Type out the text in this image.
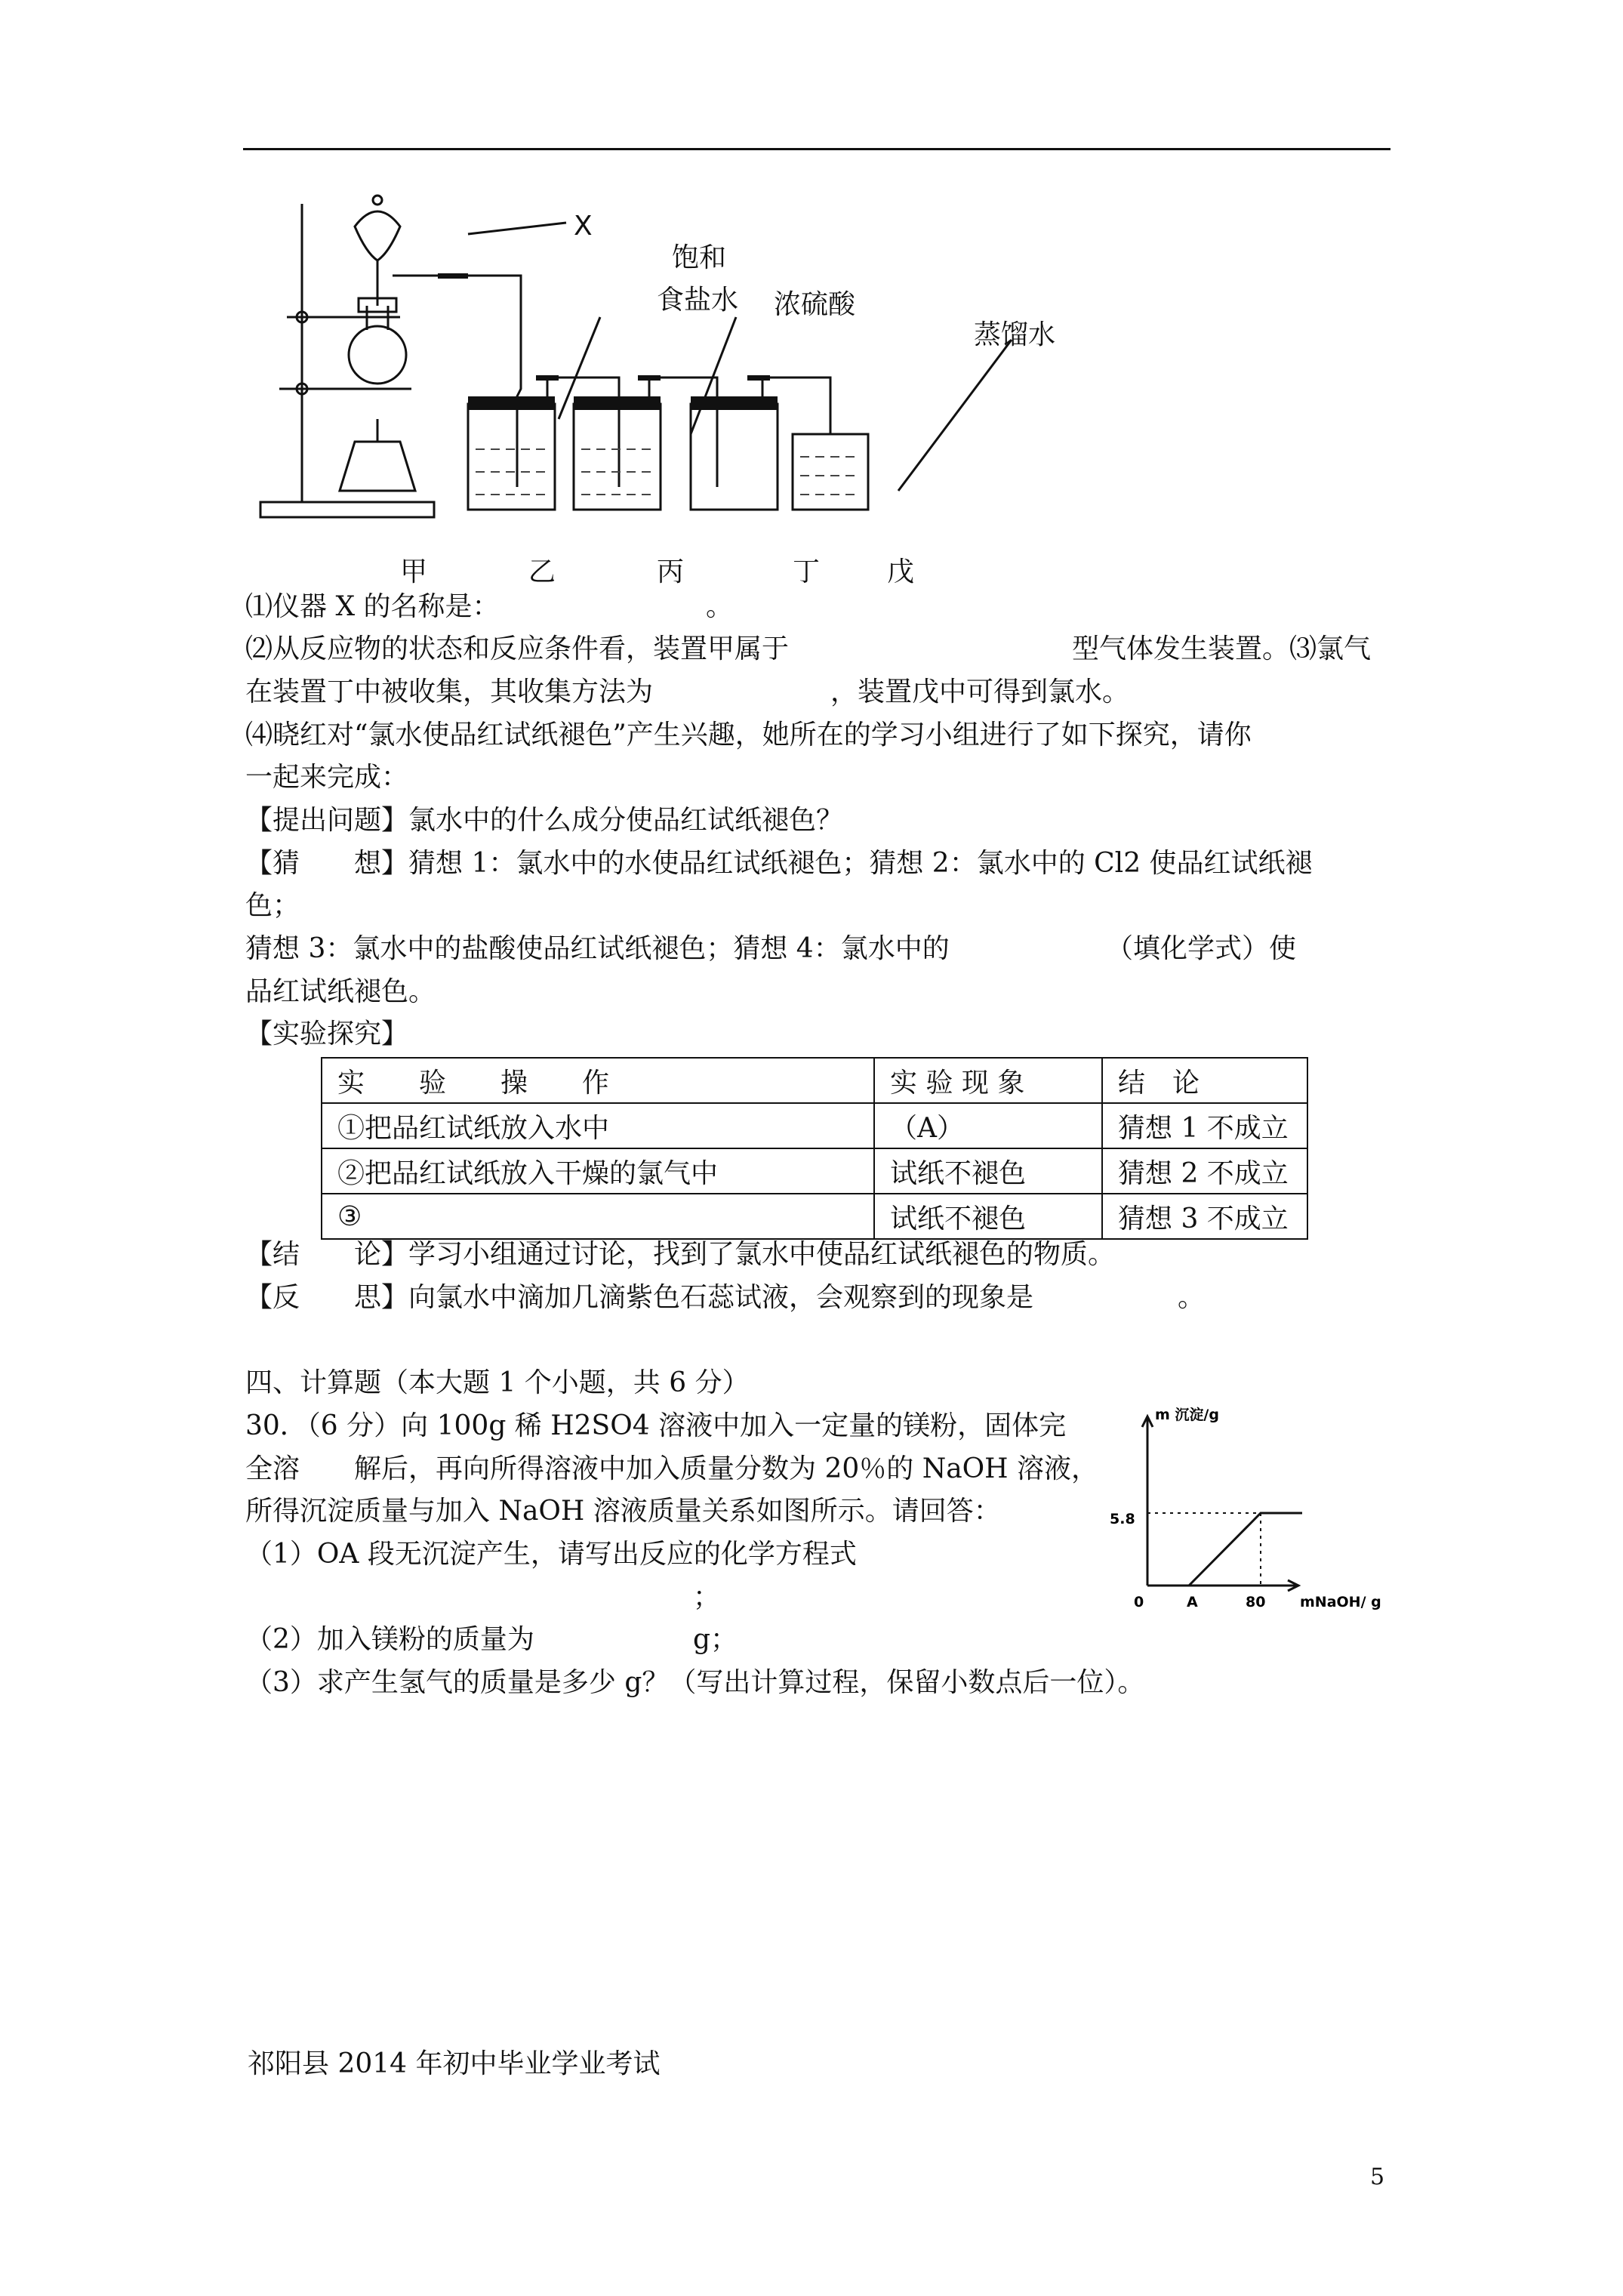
X
饱和
食盐水 浓硫酸
蒸馏水
甲	乙	丙	丁 戊
⑴仪器 X 的名称是：	。
⑵从反应物的状态和反应条件看，装置甲属于	型气体发生装置。⑶氯气
在装置丁中被收集，其收集方法为	，装置戊中可得到氯水。
⑷晓红对“氯水使品红试纸褪色”产生兴趣，她所在的学习小组进行了如下探究，请你
一起来完成：
【提出问题】氯水中的什么成分使品红试纸褪色？
【猜　　想】猜想 1：氯水中的水使品红试纸褪色；猜想 2：氯水中的 Cl2 使品红试纸褪
色；
猜想 3：氯水中的盐酸使品红试纸褪色；猜想 4：氯水中的	（填化学式）使
品红试纸褪色。
【实验探究】
实　　验　　操　　作	实 验 现 象	结　论
①把品红试纸放入水中	（A）	猜想 1 不成立
②把品红试纸放入干燥的氯气中	试纸不褪色	猜想 2 不成立
③	试纸不褪色	猜想 3 不成立
【结　　论】学习小组通过讨论，找到了氯水中使品红试纸褪色的物质。
【反　　思】向氯水中滴加几滴紫色石蕊试液，会观察到的现象是	。
四、计算题（本大题 1 个小题，共 6 分）
30．（6 分）向 100g 稀 H2SO4 溶液中加入一定量的镁粉，固体完
全溶　　解后，再向所得溶液中加入质量分数为 20％的 NaOH 溶液，
所得沉淀质量与加入 NaOH 溶液质量关系如图所示。请回答：
（1）OA 段无沉淀产生，请写出反应的化学方程式
；
（2）加入镁粉的质量为	g；
（3）求产生氢气的质量是多少 g？（写出计算过程，保留小数点后一位）。
m 沉淀/g
mNaOH/ g
0	A	80
5.8
祁阳县 2014 年初中毕业学业考试
5
